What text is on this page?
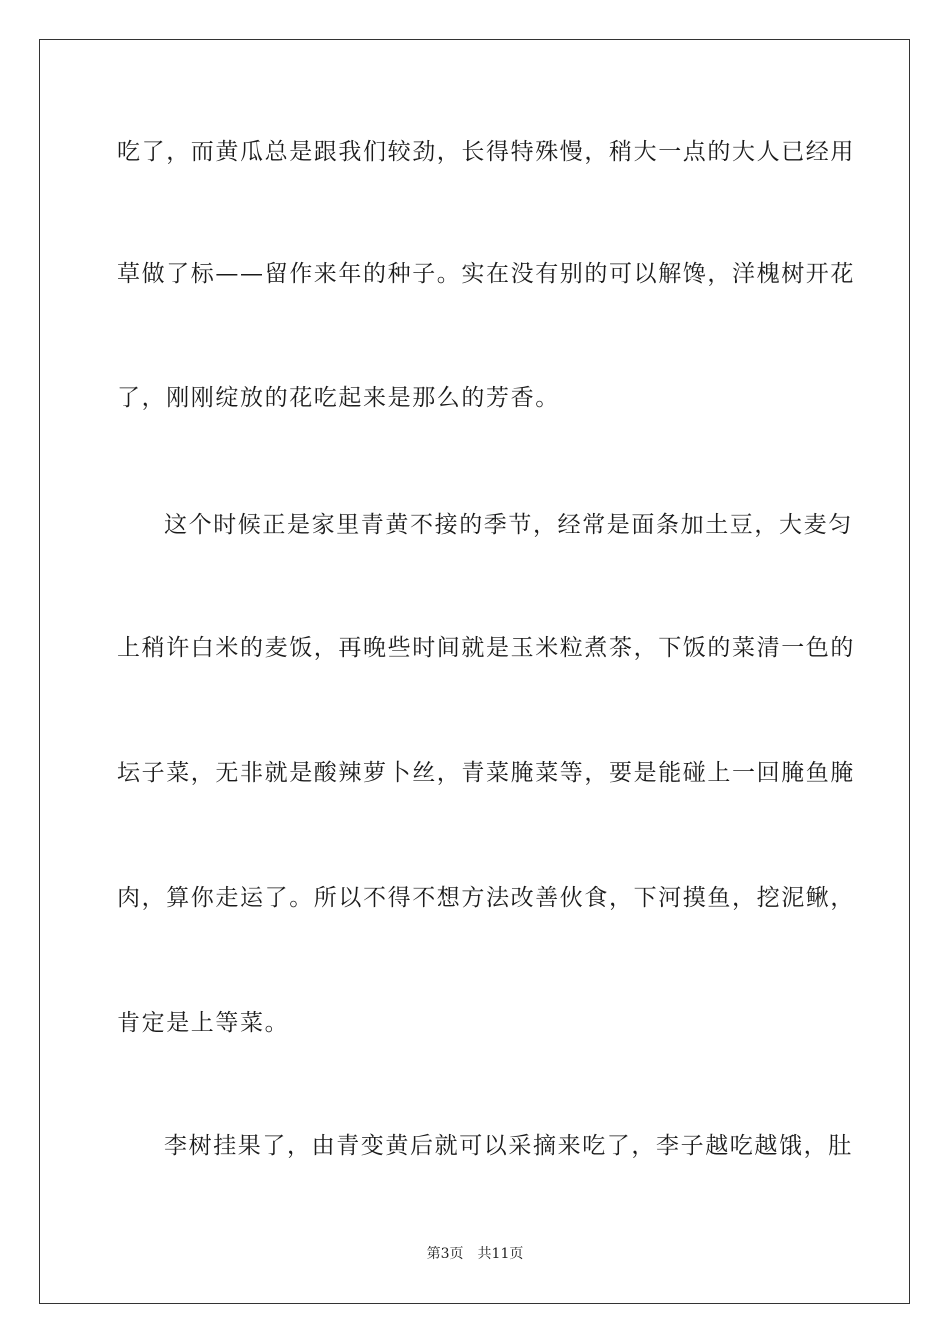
吃了，而黄瓜总是跟我们较劲，长得特殊慢，稍大一点的大人已经用
草做了标——留作来年的种子。实在没有别的可以解馋，洋槐树开花
了，刚刚绽放的花吃起来是那么的芳香。
这个时候正是家里青黄不接的季节，经常是面条加土豆，大麦匀
上稍许白米的麦饭，再晚些时间就是玉米粒煮茶，下饭的菜清一色的
坛子菜，无非就是酸辣萝卜丝，青菜腌菜等，要是能碰上一回腌鱼腌
肉，算你走运了。所以不得不想方法改善伙食，下河摸鱼，挖泥鳅，
肯定是上等菜。
李树挂果了，由青变黄后就可以采摘来吃了，李子越吃越饿，肚
第3页 共11页
